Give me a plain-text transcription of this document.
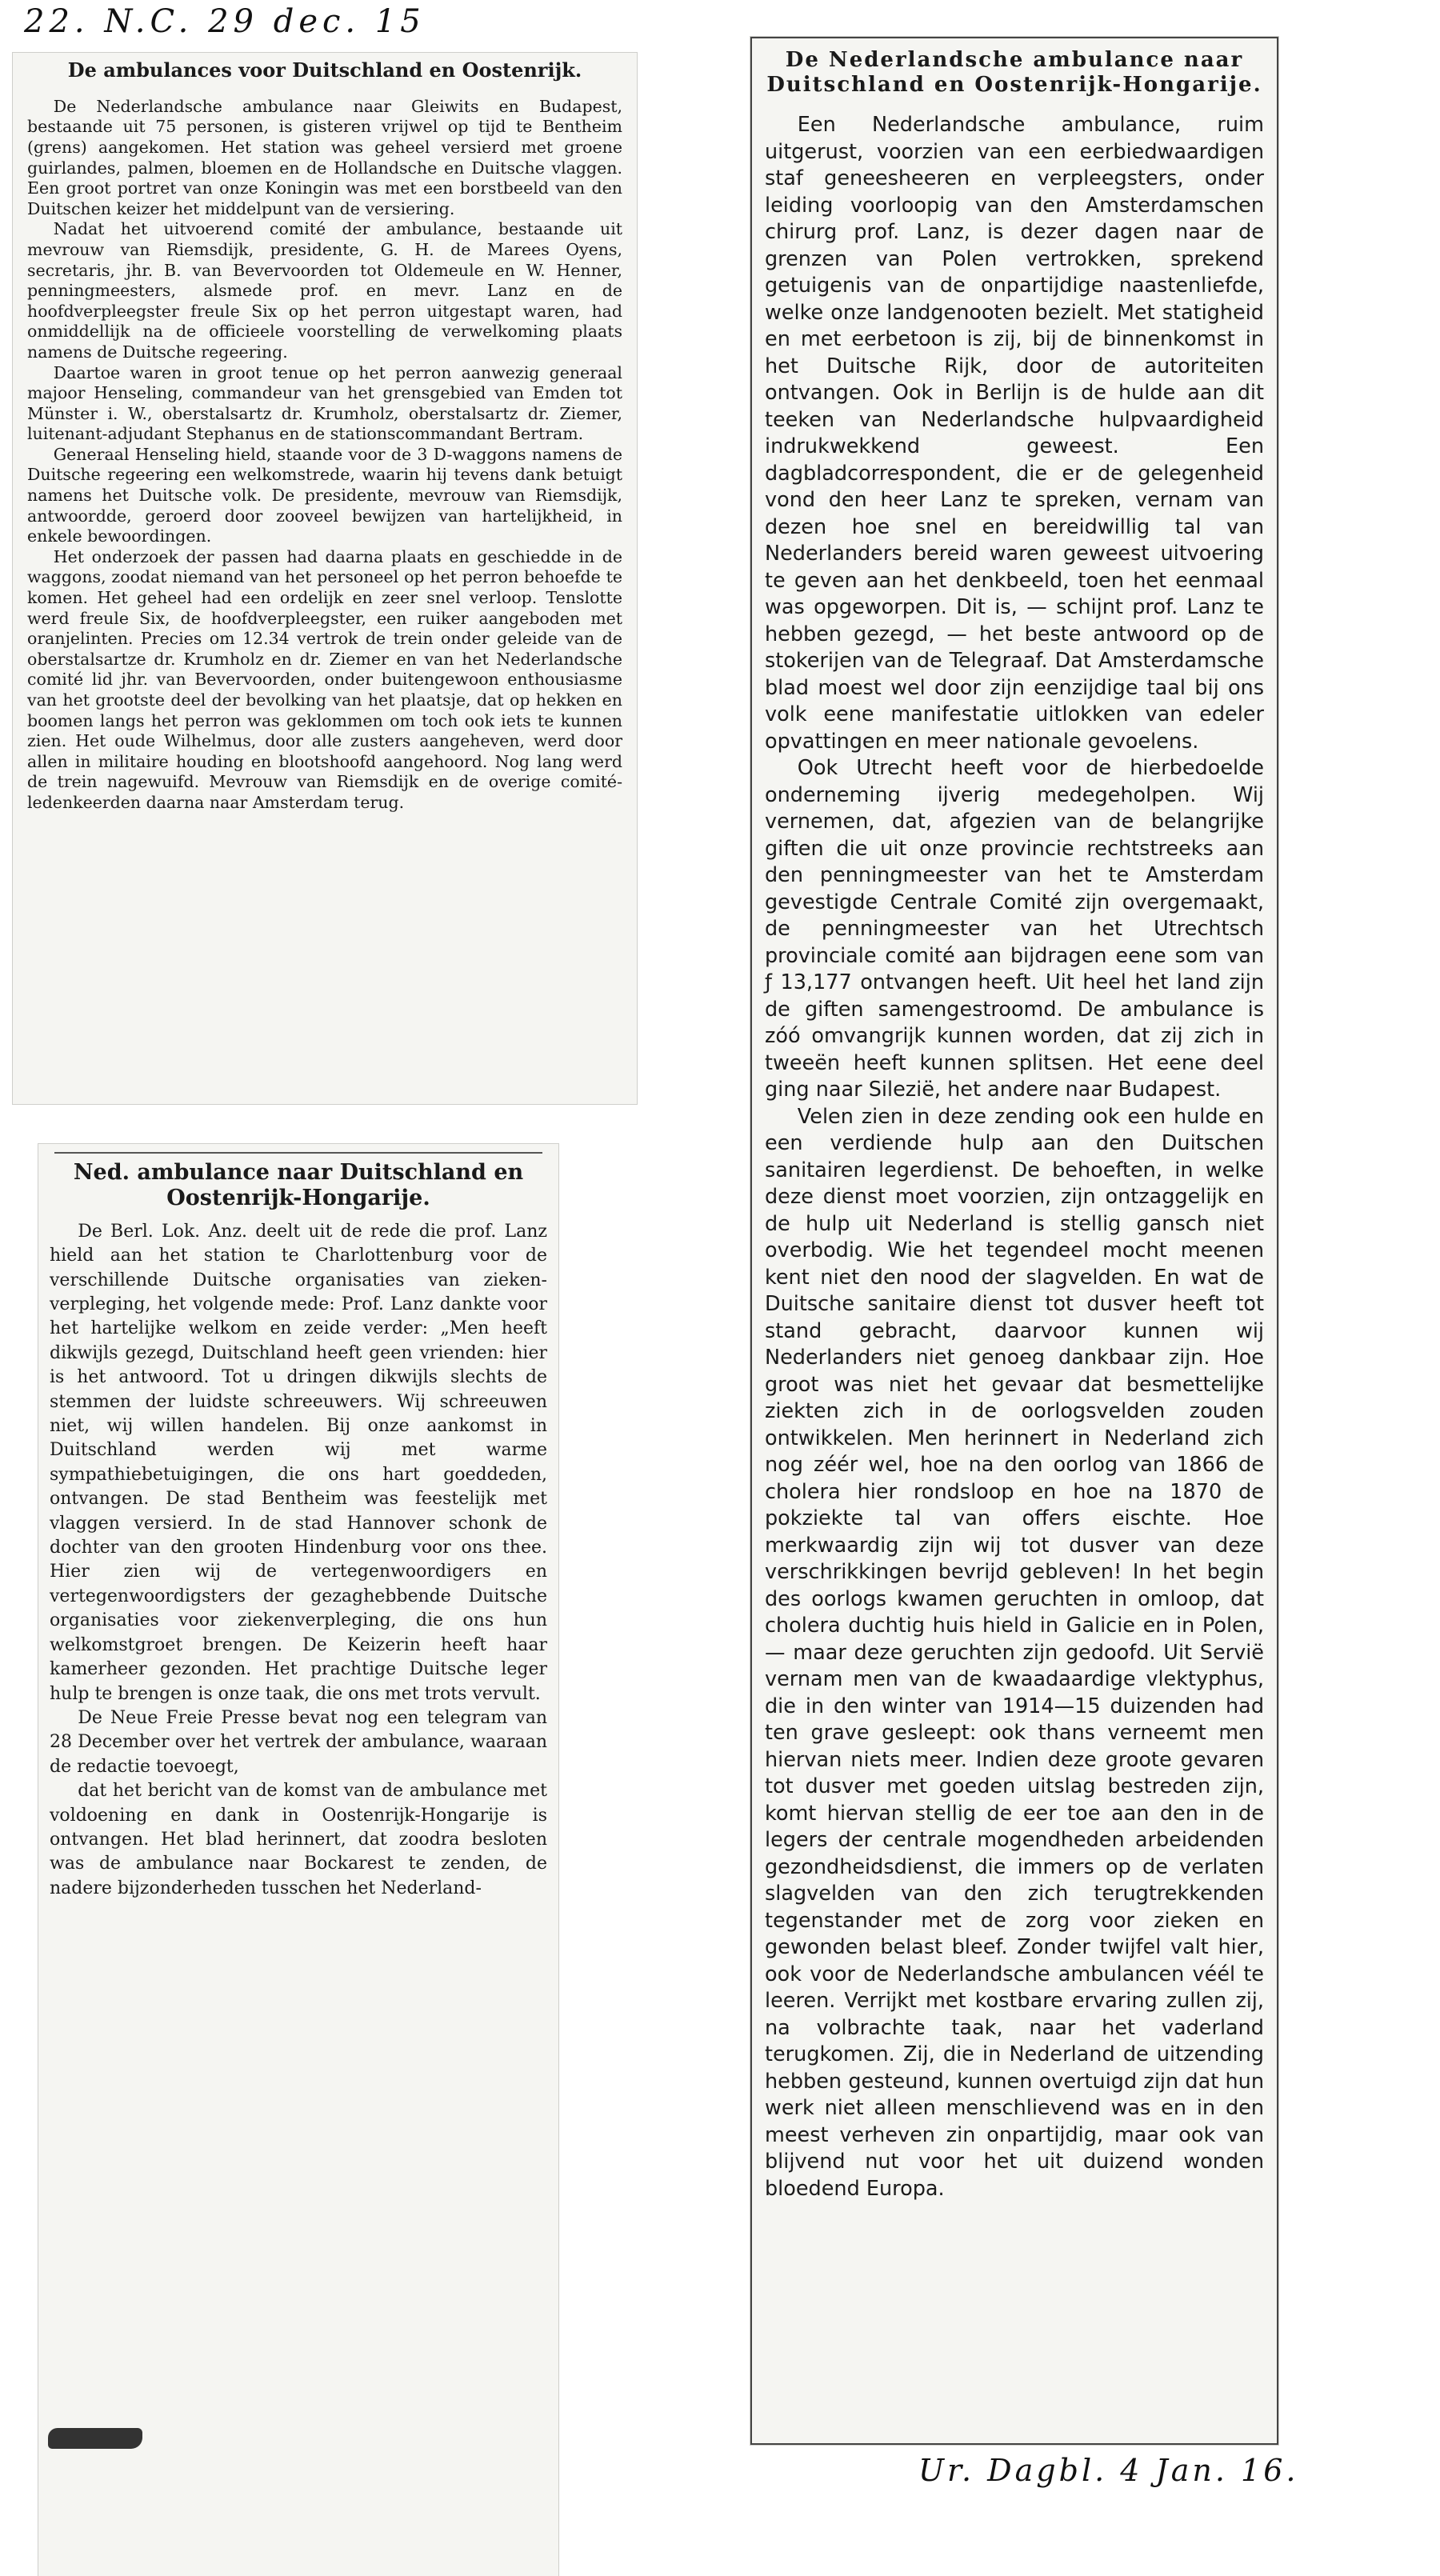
22. N.C. 29 dec. 15
De ambulances voor Duitschland en Oostenrijk.

De Nederlandsche ambulance naar Gleiwits en Budapest, bestaande uit 75 personen, is gisteren vrijwel op tijd te Bentheim (grens) aangekomen. Het station was geheel versierd met groene guirlandes, palmen, bloemen en de Hollandsche en Duitsche vlaggen. Een groot portret van onze Koningin was met een borstbeeld van den Duitschen keizer het middelpunt van de versiering.

Nadat het uitvoerend comité der ambulance, bestaande uit mevrouw van Riemsdijk, presidente, G. H. de Marees Oyens, secretaris, jhr. B. van Bevervoorden tot Oldemeule en W. Henner, penningmeesters, alsmede prof. en mevr. Lanz en de hoofdverpleegster freule Six op het perron uitgestapt waren, had onmiddellijk na de officieele voorstelling de verwelkoming plaats namens de Duitsche regeering.

Daartoe waren in groot tenue op het perron aanwezig generaal majoor Henseling, commandeur van het grensgebied van Emden tot Münster i. W., oberstalsartz dr. Krumholz, oberstalsartz dr. Ziemer, luitenant-adjudant Stephanus en de stationscommandant Bertram.

Generaal Henseling hield, staande voor de 3 D-waggons namens de Duitsche regeering een welkomstrede, waarin hij tevens dank betuigt namens het Duitsche volk. De presidente, mevrouw van Riemsdijk, antwoordde, geroerd door zooveel bewijzen van hartelijkheid, in enkele bewoordingen.

Het onderzoek der passen had daarna plaats en geschiedde in de waggons, zoodat niemand van het personeel op het perron behoefde te komen. Het geheel had een ordelijk en zeer snel verloop. Tenslotte werd freule Six, de hoofdverpleegster, een ruiker aangeboden met oranjelinten. Precies om 12.34 vertrok de trein onder geleide van de oberstalsartze dr. Krumholz en dr. Ziemer en van het Nederlandsche comité lid jhr. van Bevervoorden, onder buitengewoon enthousiasme van het grootste deel der bevolking van het plaatsje, dat op hekken en boomen langs het perron was geklommen om toch ook iets te kunnen zien. Het oude Wilhelmus, door alle zusters aangeheven, werd door allen in militaire houding en blootshoofd aangehoord. Nog lang werd de trein nagewuifd. Mevrouw van Riemsdijk en de overige comité-ledenkeerden daarna naar Amsterdam terug.

Ned. ambulance naar Duitschland en Oostenrijk-Hongarije.

De Berl. Lok. Anz. deelt uit de rede die prof. Lanz hield aan het station te Charlottenburg voor de verschillende Duitsche organisaties van zieken-verpleging, het volgende mede: Prof. Lanz dankte voor het hartelijke welkom en zeide verder: „Men heeft dikwijls gezegd, Duitschland heeft geen vrienden: hier is het antwoord. Tot u dringen dikwijls slechts de stemmen der luidste schreeuwers. Wij schreeuwen niet, wij willen handelen. Bij onze aankomst in Duitschland werden wij met warme sympathiebetuigingen, die ons hart goeddeden, ontvangen. De stad Bentheim was feestelijk met vlaggen versierd. In de stad Hannover schonk de dochter van den grooten Hindenburg voor ons thee. Hier zien wij de vertegenwoordigers en vertegenwoordigsters der gezaghebbende Duitsche organisaties voor ziekenverpleging, die ons hun welkomstgroet brengen. De Keizerin heeft haar kamerheer gezonden. Het prachtige Duitsche leger hulp te brengen is onze taak, die ons met trots vervult.

De Neue Freie Presse bevat nog een telegram van 28 December over het vertrek der ambulance, waaraan de redactie toevoegt,

dat het bericht van de komst van de ambulance met voldoening en dank in Oostenrijk-Hongarije is ontvangen. Het blad herinnert, dat zoodra besloten was de ambulance naar Bockarest te zenden, de nadere bijzonderheden tusschen het Nederland-

De Nederlandsche ambulance naar Duitschland en Oostenrijk-Hongarije.

Een Nederlandsche ambulance, ruim uitgerust, voorzien van een eerbiedwaardigen staf geneesheeren en verpleegsters, onder leiding voorloopig van den Amsterdamschen chirurg prof. Lanz, is dezer dagen naar de grenzen van Polen vertrokken, sprekend getuigenis van de onpartijdige naastenliefde, welke onze landgenooten bezielt. Met statigheid en met eerbetoon is zij, bij de binnenkomst in het Duitsche Rijk, door de autoriteiten ontvangen. Ook in Berlijn is de hulde aan dit teeken van Nederlandsche hulpvaardigheid indrukwekkend geweest. Een dagbladcorrespondent, die er de gelegenheid vond den heer Lanz te spreken, vernam van dezen hoe snel en bereidwillig tal van Nederlanders bereid waren geweest uitvoering te geven aan het denkbeeld, toen het eenmaal was opgeworpen. Dit is, — schijnt prof. Lanz te hebben gezegd, — het beste antwoord op de stokerijen van de Telegraaf. Dat Amsterdamsche blad moest wel door zijn eenzijdige taal bij ons volk eene manifestatie uitlokken van edeler opvattingen en meer nationale gevoelens.

Ook Utrecht heeft voor de hierbedoelde onderneming ijverig medegeholpen. Wij vernemen, dat, afgezien van de belangrijke giften die uit onze provincie rechtstreeks aan den penningmeester van het te Amsterdam gevestigde Centrale Comité zijn overgemaakt, de penningmeester van het Utrechtsch provinciale comité aan bijdragen eene som van ƒ 13,177 ontvangen heeft. Uit heel het land zijn de giften samengestroomd. De ambulance is zóó omvangrijk kunnen worden, dat zij zich in tweeën heeft kunnen splitsen. Het eene deel ging naar Silezië, het andere naar Budapest.

Velen zien in deze zending ook een hulde en een verdiende hulp aan den Duitschen sanitairen legerdienst. De behoeften, in welke deze dienst moet voorzien, zijn ontzaggelijk en de hulp uit Nederland is stellig gansch niet overbodig. Wie het tegendeel mocht meenen kent niet den nood der slagvelden. En wat de Duitsche sanitaire dienst tot dusver heeft tot stand gebracht, daarvoor kunnen wij Nederlanders niet genoeg dankbaar zijn. Hoe groot was niet het gevaar dat besmettelijke ziekten zich in de oorlogsvelden zouden ontwikkelen. Men herinnert in Nederland zich nog zéér wel, hoe na den oorlog van 1866 de cholera hier rondsloop en hoe na 1870 de pokziekte tal van offers eischte. Hoe merkwaardig zijn wij tot dusver van deze verschrikkingen bevrijd gebleven! In het begin des oorlogs kwamen geruchten in omloop, dat cholera duchtig huis hield in Galicie en in Polen, — maar deze geruchten zijn gedoofd. Uit Servië vernam men van de kwaadaardige vlektyphus, die in den winter van 1914—15 duizenden had ten grave gesleept: ook thans verneemt men hiervan niets meer. Indien deze groote gevaren tot dusver met goeden uitslag bestreden zijn, komt hiervan stellig de eer toe aan den in de legers der centrale mogendheden arbeidenden gezondheidsdienst, die immers op de verlaten slagvelden van den zich terugtrekkenden tegenstander met de zorg voor zieken en gewonden belast bleef. Zonder twijfel valt hier, ook voor de Nederlandsche ambulancen véél te leeren. Verrijkt met kostbare ervaring zullen zij, na volbrachte taak, naar het vaderland terugkomen. Zij, die in Nederland de uitzending hebben gesteund, kunnen overtuigd zijn dat hun werk niet alleen menschlievend was en in den meest verheven zin onpartijdig, maar ook van blijvend nut voor het uit duizend wonden bloedend Europa.

Ur. Dagbl. 4 Jan. 16.
